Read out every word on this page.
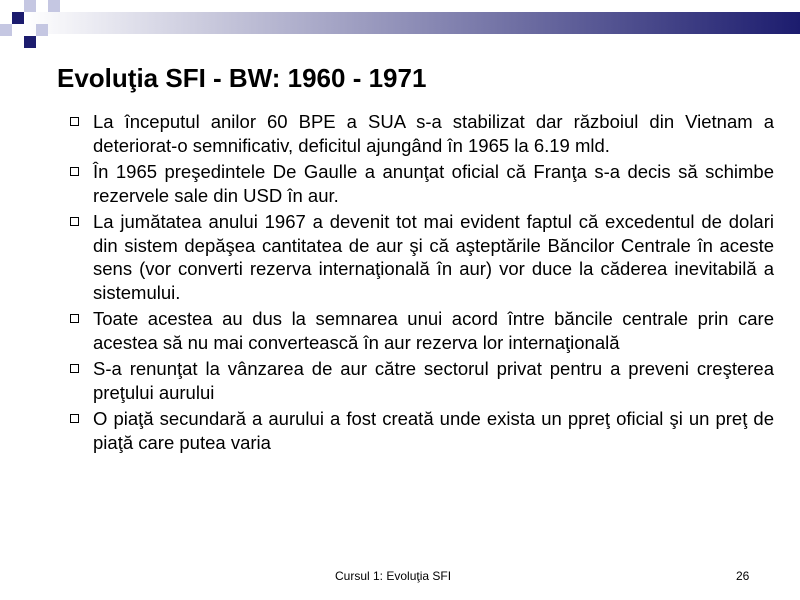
Evoluţia SFI - BW: 1960 - 1971
La începutul anilor 60 BPE a SUA s-a stabilizat dar războiul din Vietnam a deteriorat-o semnificativ, deficitul ajungând în 1965 la 6.19 mld.
În 1965 preşedintele De Gaulle a anunţat oficial că Franţa s-a decis să schimbe rezervele sale din USD în aur.
La jumătatea anului 1967 a devenit tot mai evident faptul că excedentul de dolari din sistem depăşea cantitatea de aur şi că aşteptările Băncilor Centrale în aceste sens (vor converti rezerva internaţională în aur) vor duce la căderea inevitabilă a sistemului.
Toate acestea au dus la semnarea unui acord între băncile centrale prin care acestea să nu mai convertească în aur rezerva lor internaţională
S-a renunţat la vânzarea de aur către sectorul privat pentru a preveni creşterea preţului aurului
O piaţă secundară a aurului a fost creată unde exista un ppreţ oficial şi un preţ de piaţă care putea varia
Cursul 1: Evoluţia SFI	26
